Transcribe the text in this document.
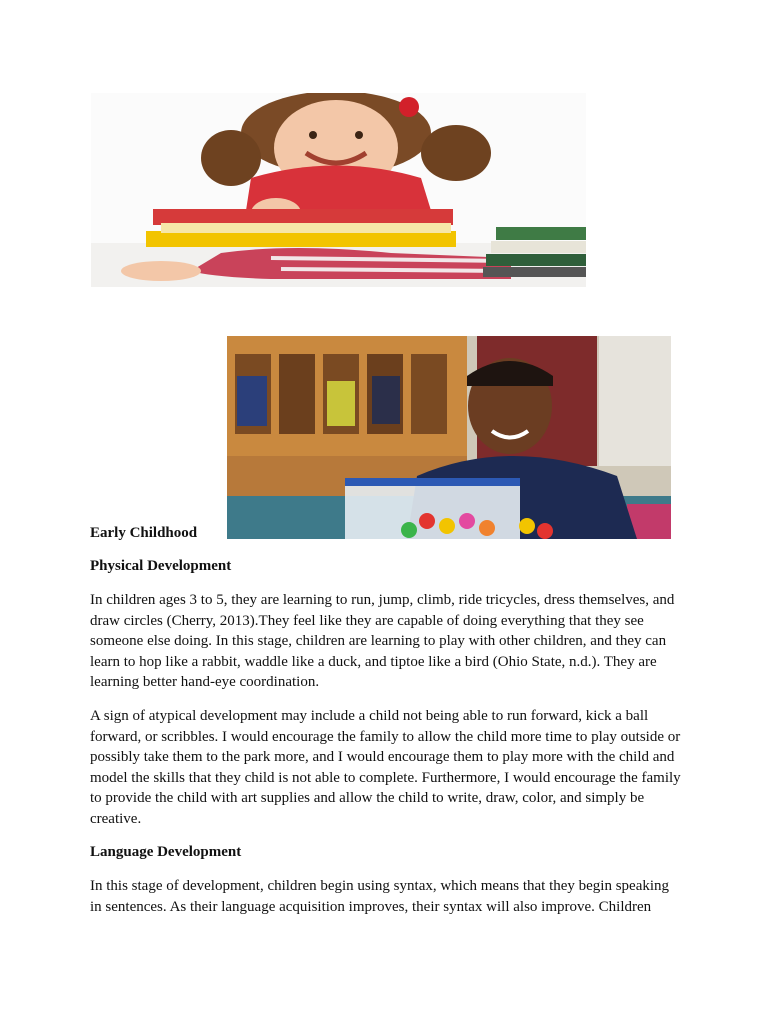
Early Childhood

Physical Development

In children ages 3 to 5, they are learning to run, jump, climb, ride tricycles, dress themselves, and draw circles (Cherry, 2013).They feel like they are capable of doing everything that they see someone else doing. In this stage, children are learning to play with other children, and they can learn to hop like a rabbit, waddle like a duck, and tiptoe like a bird (Ohio State, n.d.). They are learning better hand-eye coordination.

A sign of atypical development may include a child not being able to run forward, kick a ball forward, or scribbles. I would encourage the family to allow the child more time to play outside or possibly take them to the park more, and I would encourage them to play more with the child and model the skills that they child is not able to complete. Furthermore, I would encourage the family to provide the child with art supplies and allow the child to write, draw, color, and simply be creative.

Language Development

In this stage of development, children begin using syntax, which means that they begin speaking in sentences. As their language acquisition improves, their syntax will also improve. Children
